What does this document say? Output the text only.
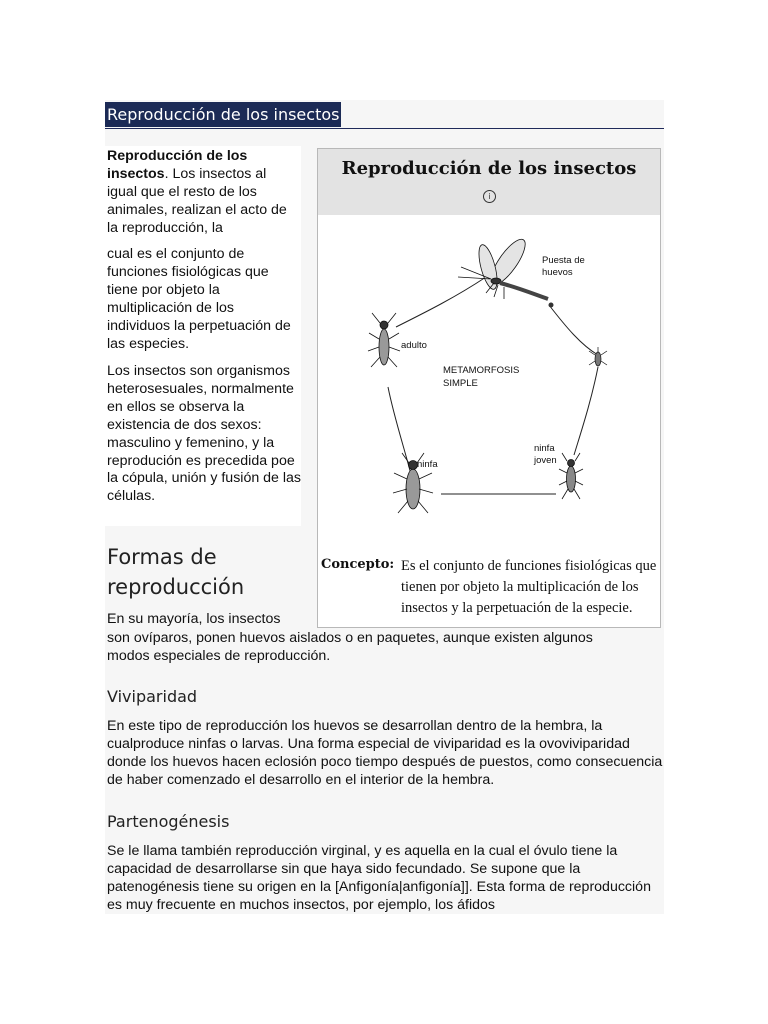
Reproducción de los insectos
Reproducción de los insectos. Los insectos al igual que el resto de los animales, realizan el acto de la reproducción, la
cual es el conjunto de funciones fisiológicas que tiene por objeto la multiplicación de los individuos la perpetuación de las especies.
Los insectos son organismos heterosesuales, normalmente en ellos se observa la existencia de dos sexos: masculino y femenino, y la reprodución es precedida poe la cópula, unión y fusión de las células.
Reproducción de los insectos
i
Puesta de
huevos
adulto
METAMORFOSIS
SIMPLE
ninfa
ninfa
joven
Concepto: Es el conjunto de funciones fisiológicas que tienen por objeto la multiplicación de los insectos y la perpetuación de la especie.
Formas de
reproducción
En su mayoría, los insectos
son ovíparos, ponen huevos aislados o en paquetes, aunque existen algunos
modos especiales de reproducción.
Viviparidad
En este tipo de reproducción los huevos se desarrollan dentro de la hembra, la cualproduce ninfas o larvas. Una forma especial de viviparidad es la ovoviviparidad donde los huevos hacen eclosión poco tiempo después de puestos, como consecuencia de haber comenzado el desarrollo en el interior de la hembra.
Partenogénesis
Se le llama también reproducción virginal, y es aquella en la cual el óvulo tiene la capacidad de desarrollarse sin que haya sido fecundado. Se supone que la patenogénesis tiene su origen en la [Anfigonía|anfigonía]]. Esta forma de reproducción es muy frecuente en muchos insectos, por ejemplo, los áfidos
